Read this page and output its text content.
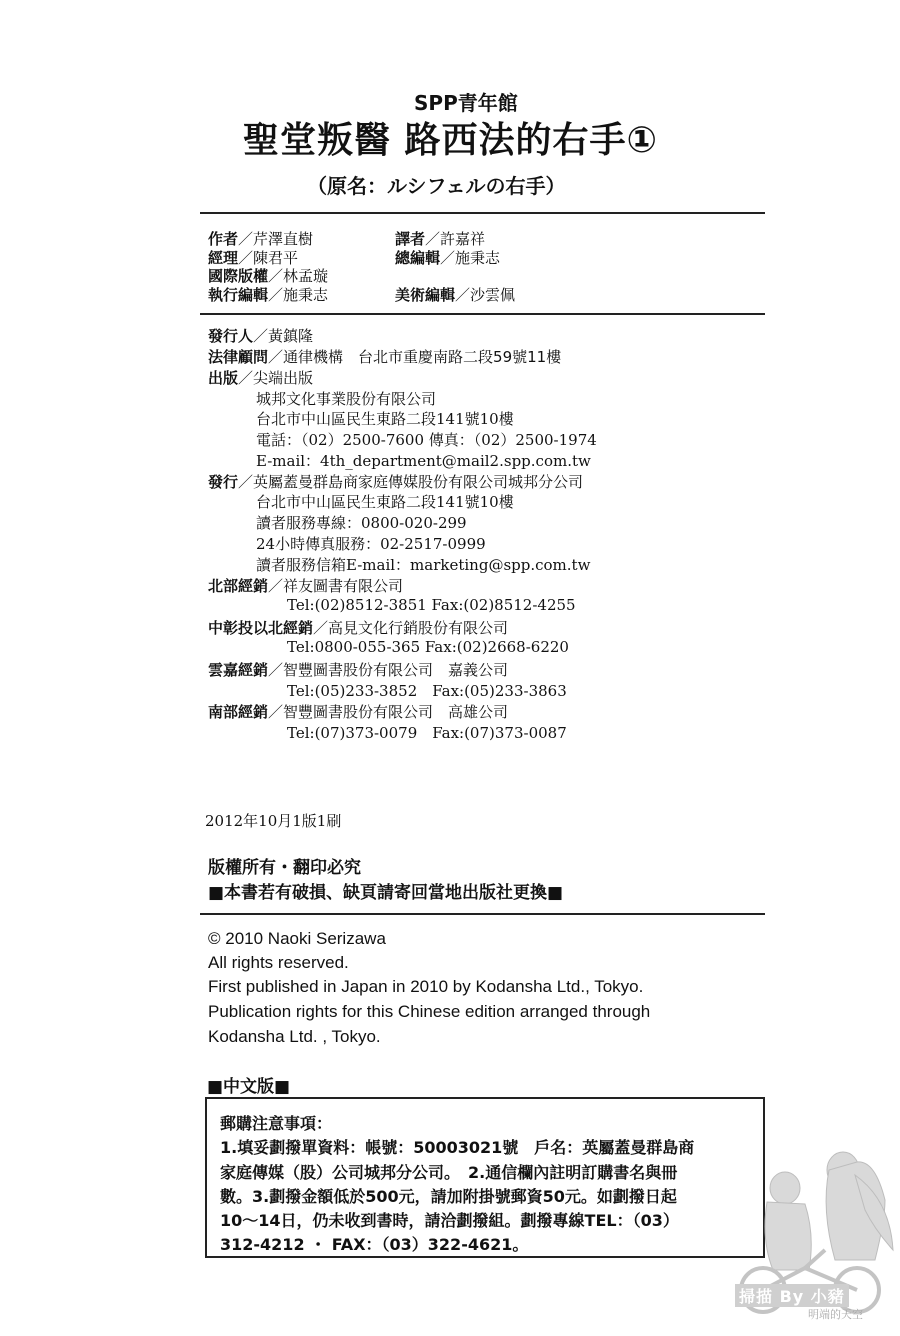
SPP青年館
聖堂叛醫 路西法的右手①
（原名：ルシフェルの右手）
作者／芹澤直樹	譯者／許嘉祥
經理／陳君平	總編輯／施秉志
國際版權／林孟璇
執行編輯／施秉志	美術編輯／沙雲佩
發行人／黃鎮隆
法律顧問／通律機構　台北市重慶南路二段59號11樓
出版／尖端出版
城邦文化事業股份有限公司
台北市中山區民生東路二段141號10樓
電話：（02）2500-7600 傳真：（02）2500-1974
E-mail：4th_department@mail2.spp.com.tw
發行／英屬蓋曼群島商家庭傳媒股份有限公司城邦分公司
台北市中山區民生東路二段141號10樓
讀者服務專線：0800-020-299
24小時傳真服務：02-2517-0999
讀者服務信箱E-mail：marketing@spp.com.tw
北部經銷／祥友圖書有限公司
Tel:(02)8512-3851 Fax:(02)8512-4255
中彰投以北經銷／高見文化行銷股份有限公司
Tel:0800-055-365 Fax:(02)2668-6220
雲嘉經銷／智豐圖書股份有限公司　嘉義公司
Tel:(05)233-3852　Fax:(05)233-3863
南部經銷／智豐圖書股份有限公司　高雄公司
Tel:(07)373-0079　Fax:(07)373-0087
2012年10月1版1刷
版權所有・翻印必究
■本書若有破損、缺頁請寄回當地出版社更換■
© 2010 Naoki Serizawa
All rights reserved.
First published in Japan in 2010 by Kodansha Ltd., Tokyo.
Publication rights for this Chinese edition arranged through
Kodansha Ltd. , Tokyo.
■中文版■

郵購注意事項：

1.填妥劃撥單資料：帳號：50003021號　戶名：英屬蓋曼群島商

家庭傳媒（股）公司城邦分公司。　2.通信欄內註明訂購書名與冊

數。3.劃撥金額低於500元，請加附掛號郵資50元。如劃撥日起

10～14日，仍未收到書時，請洽劃撥組。劃撥專線TEL：（03）

312-4212 ・ FAX：（03）322-4621。

掃描 By 小豬
明端的天空
